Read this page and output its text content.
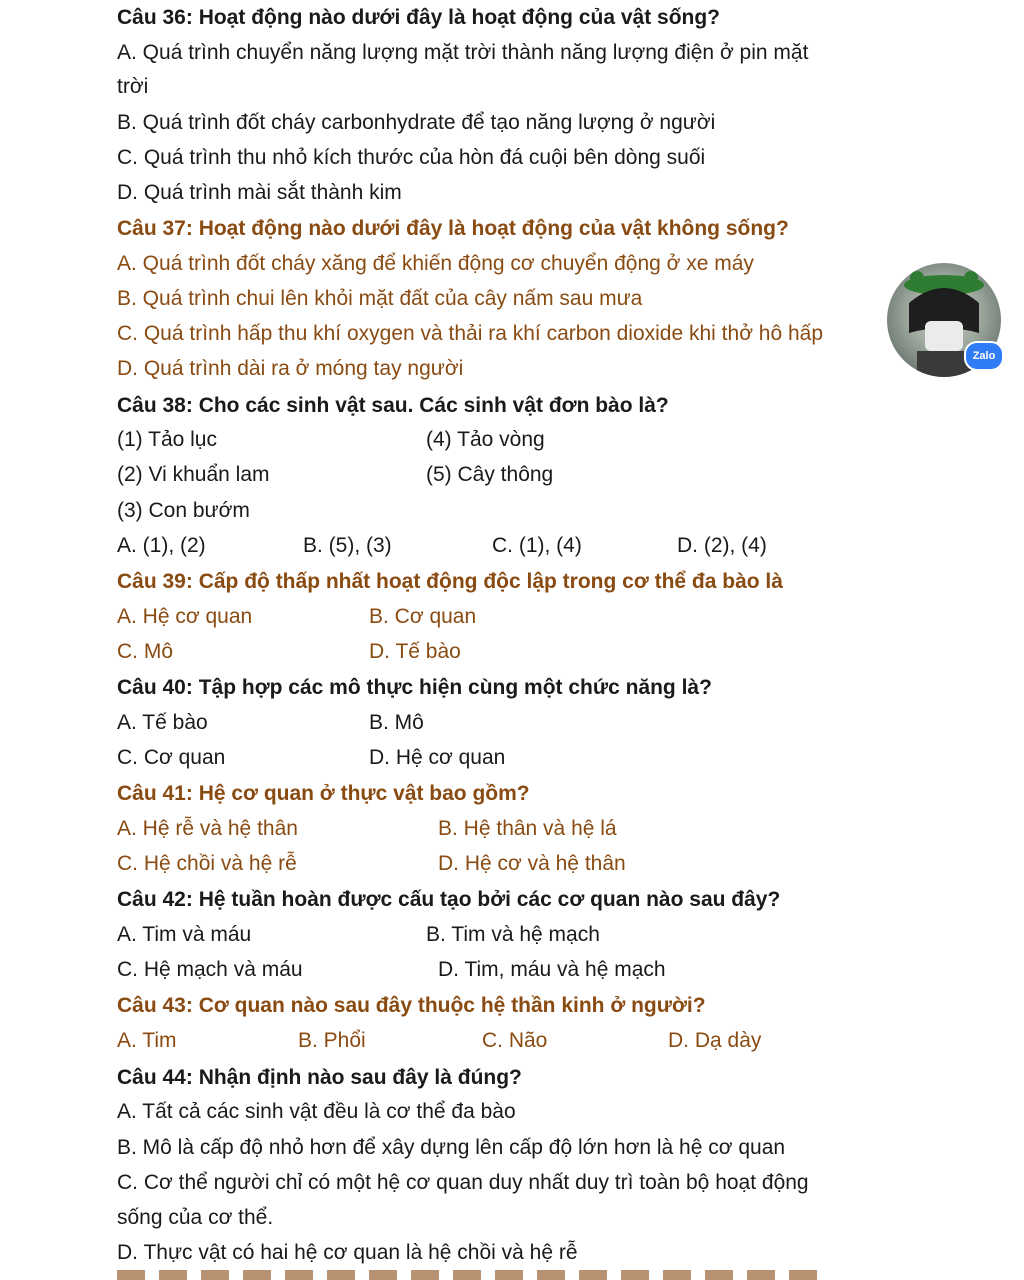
Câu 36: Hoạt động nào dưới đây là hoạt động của vật sống?
A. Quá trình chuyển năng lượng mặt trời thành năng lượng điện ở pin mặt
trời
B. Quá trình đốt cháy carbonhydrate để tạo năng lượng ở người
C. Quá trình thu nhỏ kích thước của hòn đá cuội bên dòng suối
D. Quá trình mài sắt thành kim
Câu 37: Hoạt động nào dưới đây là hoạt động của vật không sống?
A. Quá trình đốt cháy xăng để khiến động cơ chuyển động ở xe máy
B. Quá trình chui lên khỏi mặt đất của cây nấm sau mưa
C. Quá trình hấp thu khí oxygen và thải ra khí carbon dioxide khi thở hô hấp
D. Quá trình dài ra ở móng tay người
Câu 38: Cho các sinh vật sau. Các sinh vật đơn bào là?
(1) Tảo lục	(4) Tảo vòng
(2) Vi khuẩn lam	(5) Cây thông
(3) Con bướm
A. (1), (2)	B. (5), (3)	C. (1), (4)	D. (2), (4)
Câu 39: Cấp độ thấp nhất hoạt động độc lập trong cơ thể đa bào là
A. Hệ cơ quan	B. Cơ quan
C. Mô	D. Tế bào
Câu 40: Tập hợp các mô thực hiện cùng một chức năng là?
A. Tế bào	B. Mô
C. Cơ quan	D. Hệ cơ quan
Câu 41: Hệ cơ quan ở thực vật bao gồm?
A. Hệ rễ và hệ thân	B. Hệ thân và hệ lá
C. Hệ chồi và hệ rễ	D. Hệ cơ và hệ thân
Câu 42: Hệ tuần hoàn được cấu tạo bởi các cơ quan nào sau đây?
A. Tim và máu	B. Tim và hệ mạch
C. Hệ mạch và máu	D. Tim, máu và hệ mạch
Câu 43: Cơ quan nào sau đây thuộc hệ thần kinh ở người?
A. Tim	B. Phổi	C. Não	D. Dạ dày
Câu 44: Nhận định nào sau đây là đúng?
A. Tất cả các sinh vật đều là cơ thể đa bào
B. Mô là cấp độ nhỏ hơn để xây dựng lên cấp độ lớn hơn là hệ cơ quan
C. Cơ thể người chỉ có một hệ cơ quan duy nhất duy trì toàn bộ hoạt động
sống của cơ thể.
D. Thực vật có hai hệ cơ quan là hệ chồi và hệ rễ
Zalo
